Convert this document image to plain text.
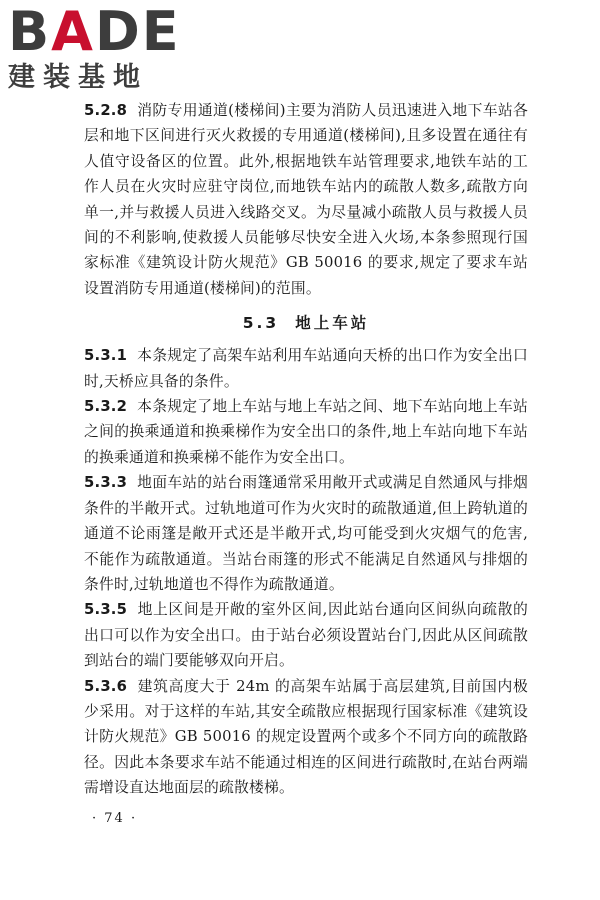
BADE
建装基地

5.2.8 消防专用通道(楼梯间)主要为消防人员迅速进入地下车站各层和地下区间进行灭火救援的专用通道(楼梯间),且多设置在通往有人值守设备区的位置。此外,根据地铁车站管理要求,地铁车站的工作人员在火灾时应驻守岗位,而地铁车站内的疏散人数多,疏散方向单一,并与救援人员进入线路交叉。为尽量减小疏散人员与救援人员间的不利影响,使救援人员能够尽快安全进入火场,本条参照现行国家标准《建筑设计防火规范》GB 50016 的要求,规定了要求车站设置消防专用通道(楼梯间)的范围。

5.3 地上车站

5.3.1 本条规定了高架车站利用车站通向天桥的出口作为安全出口时,天桥应具备的条件。

5.3.2 本条规定了地上车站与地上车站之间、地下车站向地上车站之间的换乘通道和换乘梯作为安全出口的条件,地上车站向地下车站的换乘通道和换乘梯不能作为安全出口。

5.3.3 地面车站的站台雨篷通常采用敞开式或满足自然通风与排烟条件的半敞开式。过轨地道可作为火灾时的疏散通道,但上跨轨道的通道不论雨篷是敞开式还是半敞开式,均可能受到火灾烟气的危害,不能作为疏散通道。当站台雨篷的形式不能满足自然通风与排烟的条件时,过轨地道也不得作为疏散通道。

5.3.5 地上区间是开敞的室外区间,因此站台通向区间纵向疏散的出口可以作为安全出口。由于站台必须设置站台门,因此从区间疏散到站台的端门要能够双向开启。

5.3.6 建筑高度大于 24m 的高架车站属于高层建筑,目前国内极少采用。对于这样的车站,其安全疏散应根据现行国家标准《建筑设计防火规范》GB 50016 的规定设置两个或多个不同方向的疏散路径。因此本条要求车站不能通过相连的区间进行疏散时,在站台两端需增设直达地面层的疏散楼梯。

· 74 ·
